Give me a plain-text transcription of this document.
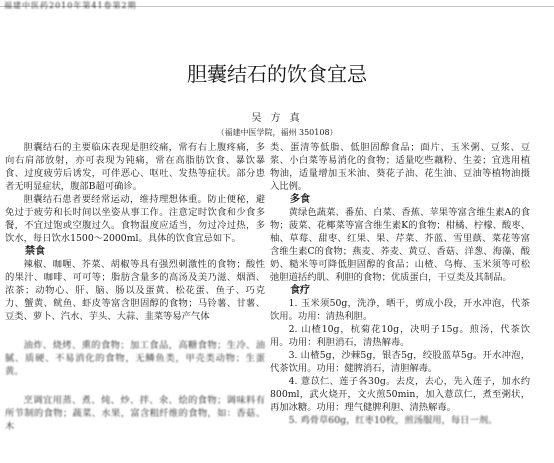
福建中医药2010年第41卷第2期
胆囊结石的饮食宜忌
吴 方 真
（福建中医学院，福州 350108）

胆囊结石的主要临床表现是胆绞痛，常有右上腹疼痛，多向右肩部放射，亦可表现为钝痛，常在高脂肪饮食、暴饮暴食、过度疲劳后诱发，可伴恶心、呕吐、发热等症状。部分患者无明显症状，腹部B超可确诊。

胆囊结石患者要经常运动，维持理想体重。防止便秘，避免过于疲劳和长时间以坐姿从事工作。注意定时饮食和少食多餐，不宜过饱或空腹过久。食物温度应适当，勿过冷过热，多饮水，每日饮水1500～2000ml。具体的饮食宜忌如下。

禁食

辣椒、咖喱、芥菜、胡椒等具有强烈刺激性的食物；酸性的果汁、咖啡、可可等；脂肪含量多的高汤及美乃滋、烟酒、浓茶；动物心、肝、脑、肠以及蛋黄、松花蛋、鱼子、巧克力、蟹黄、鱿鱼、虾皮等富含胆固醇的食物；马铃薯、甘薯、豆类、萝卜、汽水、芋头、大蒜、韭菜等易产气体

油炸、烧烤、熏的食物；加工食品，高糖食物；生冷、油腻、质硬、不易消化的食物，无鳞鱼类，甲壳类动物；生蛋黄。

烹调宜用蒸、煮、炖、炒、拌、氽、烩的食物；调味料有所节制的食物；蔬菜、水果，富含粗纤维的食物，如：香菇、木

类、蛋清等低脂、低胆固醇食品；面片、玉米粥、豆浆、豆浆、小白菜等易消化的食物；适量吃些藕粉、生姜；宜选用植物油，适量增加玉米油、葵花子油、花生油、豆油等植物油摄入比例。

多食

黄绿色蔬菜、番茄、白菜、香蕉、苹果等富含维生素A的食物；菠菜、花椰菜等富含维生素K的食物；柑橘、柠檬、酸枣、柚、草莓、甜枣、红果、果、芹菜、芥蓝、雪里蕻、菜花等富含维生素C的食物；燕麦、荞麦、黄豆、香菇、洋葱、海藻、酸奶、糙米等可降低胆固醇的食品；山楂、乌梅、玉米须等可松弛胆道括约肌、利胆的食物；优质蛋白，干豆类及其制品。

食疗

1. 玉米须50g，洗净，晒干，剪成小段，开水冲泡，代茶饮用。功用：清热利胆。

2. 山楂10g，杭菊花10g，决明子15g。煎汤，代茶饮用。功用：利胆消石，清热解毒。

3. 山楂5g，沙棘5g，银杏5g，绞股蓝草5g。开水冲泡，代茶饮用。功用：健脾消石，清胆解毒。

4. 薏苡仁、莲子各30g。去皮，去心，先入莲子，加水约800ml，武火烧开，文火煎50min，加入薏苡仁，煮至粥状，再加冰糖。功用：理气健脾利胆、清热解毒。

5. 鸡骨草60g，红枣10枚，煎汤服用，每日一剂。
